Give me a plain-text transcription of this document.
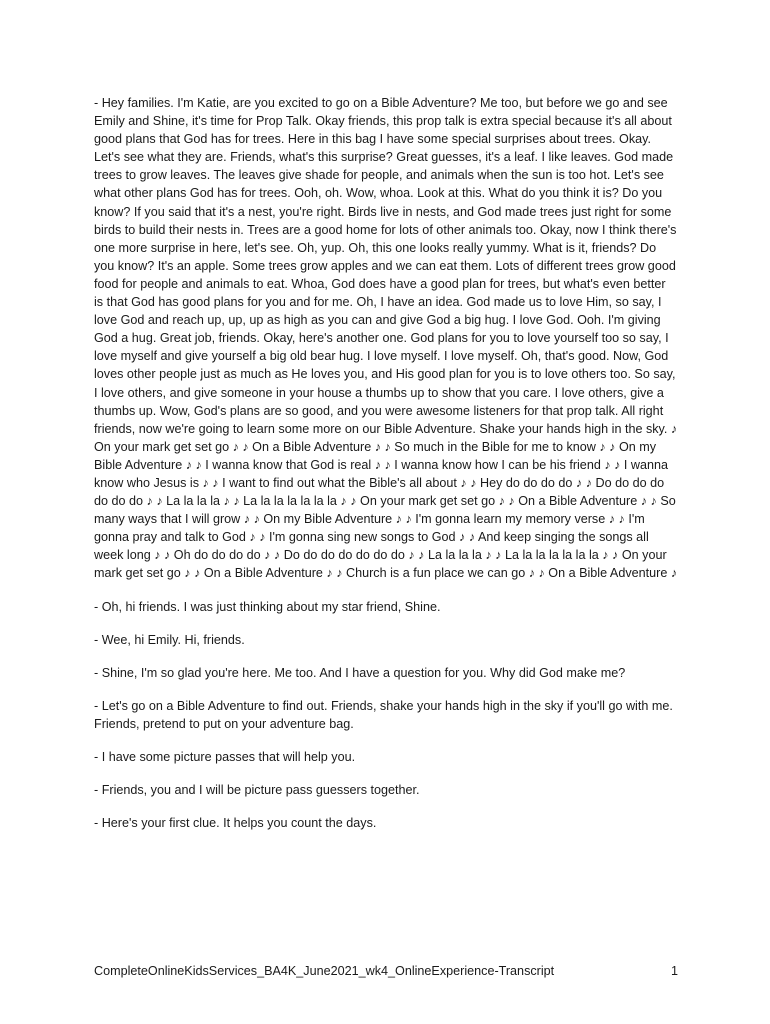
- Hey families. I'm Katie, are you excited to go on a Bible Adventure? Me too, but before we go and see Emily and Shine, it's time for Prop Talk. Okay friends, this prop talk is extra special because it's all about good plans that God has for trees. Here in this bag I have some special surprises about trees. Okay. Let's see what they are. Friends, what's this surprise? Great guesses, it's a leaf. I like leaves. God made trees to grow leaves. The leaves give shade for people, and animals when the sun is too hot. Let's see what other plans God has for trees. Ooh, oh. Wow, whoa. Look at this. What do you think it is? Do you know? If you said that it's a nest, you're right. Birds live in nests, and God made trees just right for some birds to build their nests in. Trees are a good home for lots of other animals too. Okay, now I think there's one more surprise in here, let's see. Oh, yup. Oh, this one looks really yummy. What is it, friends? Do you know? It's an apple. Some trees grow apples and we can eat them. Lots of different trees grow good food for people and animals to eat. Whoa, God does have a good plan for trees, but what's even better is that God has good plans for you and for me. Oh, I have an idea. God made us to love Him, so say, I love God and reach up, up, up as high as you can and give God a big hug. I love God. Ooh. I'm giving God a hug. Great job, friends. Okay, here's another one. God plans for you to love yourself too so say, I love myself and give yourself a big old bear hug. I love myself. I love myself. Oh, that's good. Now, God loves other people just as much as He loves you, and His good plan for you is to love others too. So say, I love others, and give someone in your house a thumbs up to show that you care. I love others, give a thumbs up. Wow, God's plans are so good, and you were awesome listeners for that prop talk. All right friends, now we're going to learn some more on our Bible Adventure. Shake your hands high in the sky. ♪ On your mark get set go ♪ ♪ On a Bible Adventure ♪ ♪ So much in the Bible for me to know ♪ ♪ On my Bible Adventure ♪ ♪ I wanna know that God is real ♪ ♪ I wanna know how I can be his friend ♪ ♪ I wanna know who Jesus is ♪ ♪ I want to find out what the Bible's all about ♪ ♪ Hey do do do do ♪ ♪ Do do do do do do do ♪ ♪ La la la la ♪ ♪ La la la la la la la ♪ ♪ On your mark get set go ♪ ♪ On a Bible Adventure ♪ ♪ So many ways that I will grow ♪ ♪ On my Bible Adventure ♪ ♪ I'm gonna learn my memory verse ♪ ♪ I'm gonna pray and talk to God ♪ ♪ I'm gonna sing new songs to God ♪ ♪ And keep singing the songs all week long ♪ ♪ Oh do do do do ♪ ♪ Do do do do do do do ♪ ♪ La la la la ♪ ♪ La la la la la la la ♪ ♪ On your mark get set go ♪ ♪ On a Bible Adventure ♪ ♪ Church is a fun place we can go ♪ ♪ On a Bible Adventure ♪

- Oh, hi friends. I was just thinking about my star friend, Shine.

- Wee, hi Emily. Hi, friends.

- Shine, I'm so glad you're here. Me too. And I have a question for you. Why did God make me?

- Let's go on a Bible Adventure to find out. Friends, shake your hands high in the sky if you'll go with me. Friends, pretend to put on your adventure bag.

- I have some picture passes that will help you.

- Friends, you and I will be picture pass guessers together.

- Here's your first clue. It helps you count the days.

CompleteOnlineKidsServices_BA4K_June2021_wk4_OnlineExperience-Transcript	1
